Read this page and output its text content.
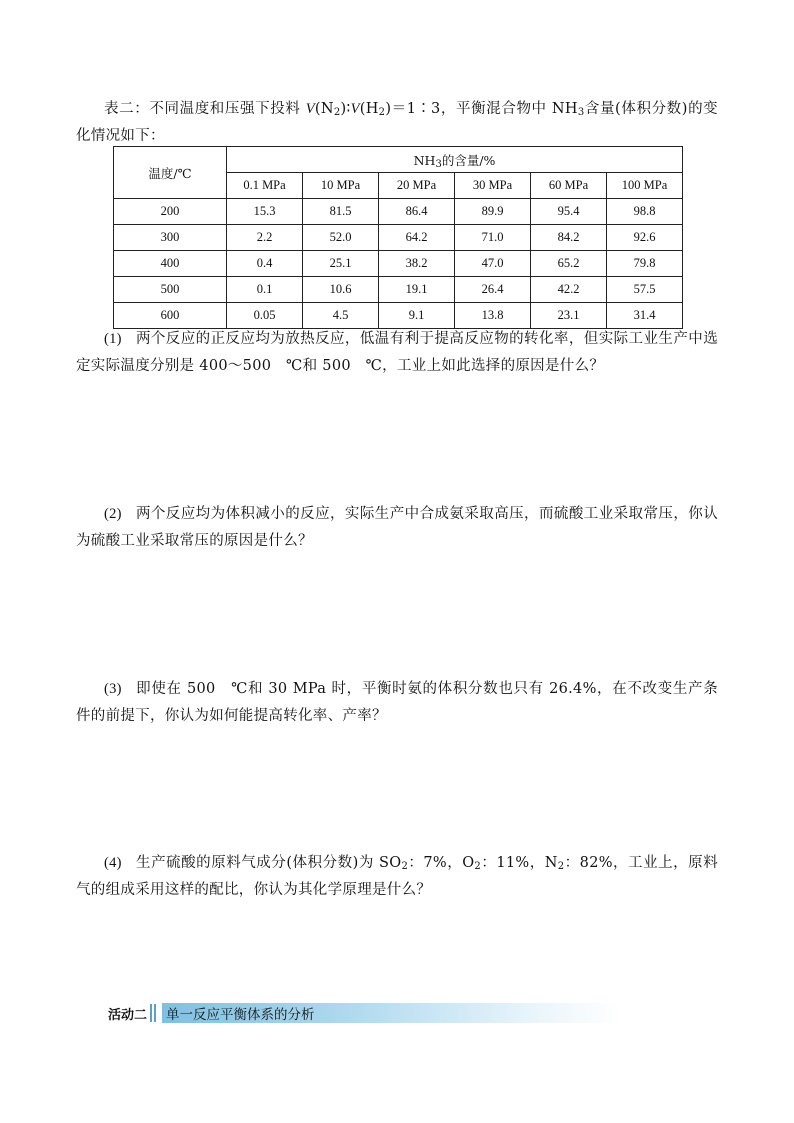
表二：不同温度和压强下投料 $V(N_2)∶V(H_2)=1∶3$，平衡混合物中 $NH_3$含量(体积分数)的变化情况如下：
温度/℃	$NH_3$的含量/%					
	0.1 MPa	10 MPa	20 MPa	30 MPa	60 MPa	100 MPa
200	15.3	81.5	86.4	89.9	95.4	98.8
300	2.2	52.0	64.2	71.0	84.2	92.6
400	0.4	25.1	38.2	47.0	65.2	79.8
500	0.1	10.6	19.1	26.4	42.2	57.5
600	0.05	4.5	9.1	13.8	23.1	31.4
(1) 两个反应的正反应均为放热反应，低温有利于提高反应物的转化率，但实际工业生产中选定实际温度分别是 400～500　℃和 500　℃，工业上如此选择的原因是什么？
(2) 两个反应均为体积减小的反应，实际生产中合成氨采取高压，而硫酸工业采取常压，你认为硫酸工业采取常压的原因是什么？
(3) 即使在 500　℃和 30 MPa 时，平衡时氨的体积分数也只有 26.4%，在不改变生产条件的前提下，你认为如何能提高转化率、产率？
(4) 生产硫酸的原料气成分(体积分数)为 $SO_2$：7%，$O_2$：11%，$N_2$：82%，工业上，原料气的组成采用这样的配比，你认为其化学原理是什么？
活动二 单一反应平衡体系的分析
